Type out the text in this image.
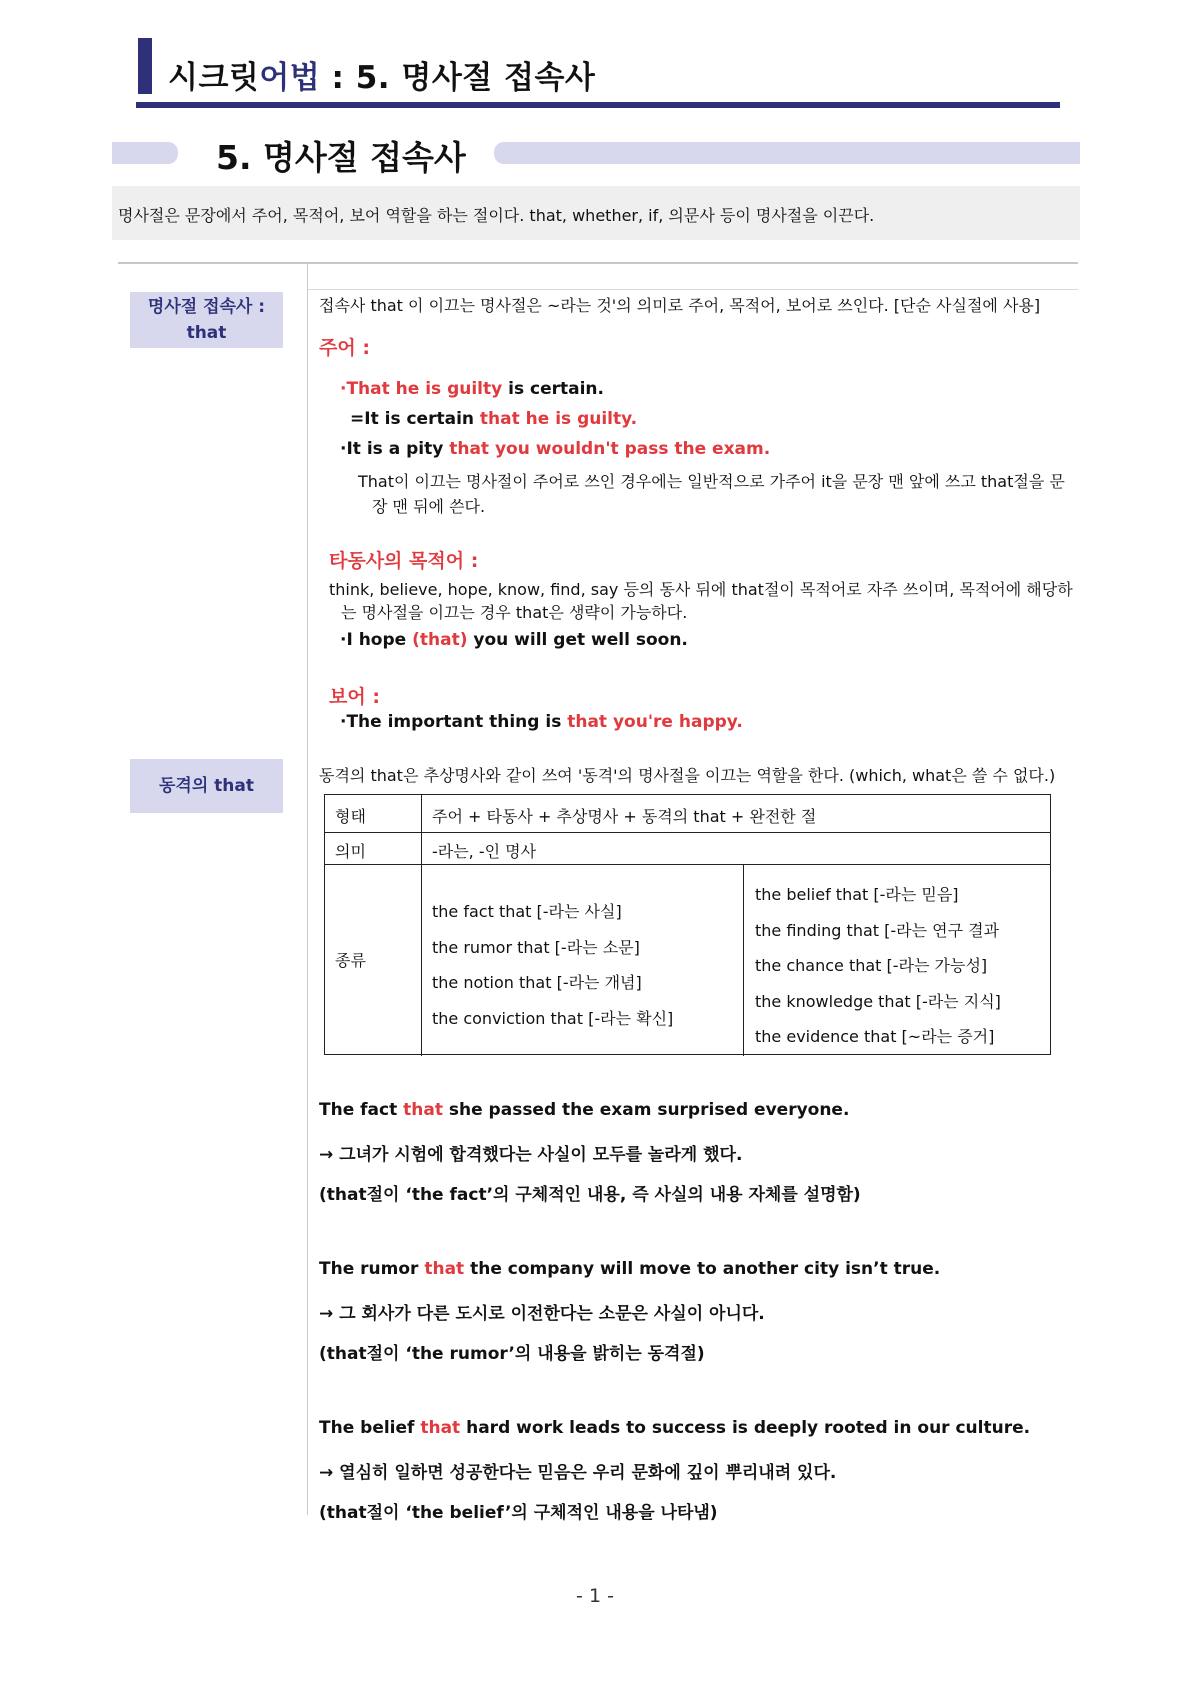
시크릿어법 : 5. 명사절 접속사
5. 명사절 접속사
명사절은 문장에서 주어, 목적어, 보어 역할을 하는 절이다. that, whether, if, 의문사 등이 명사절을 이끈다.
명사절 접속사 :
that
동격의 that
접속사 that 이 이끄는 명사절은 ~라는 것'의 의미로 주어, 목적어, 보어로 쓰인다. [단순 사실절에 사용]
주어 :
·That he is guilty is certain.
=It is certain that he is guilty.
·It is a pity that you wouldn't pass the exam.
That이 이끄는 명사절이 주어로 쓰인 경우에는 일반적으로 가주어 it을 문장 맨 앞에 쓰고 that절을 문
장 맨 뒤에 쓴다.
타동사의 목적어 :
think, believe, hope, know, find, say 등의 동사 뒤에 that절이 목적어로 자주 쓰이며, 목적어에 해당하
는 명사절을 이끄는 경우 that은 생략이 가능하다.
·I hope (that) you will get well soon.
보어 :
·The important thing is that you're happy.
동격의 that은 추상명사와 같이 쓰여 '동격'의 명사절을 이끄는 역할을 한다. (which, what은 쓸 수 없다.)
형태	주어 + 타동사 + 추상명사 + 동격의 that + 완전한 절
의미	-라는, -인 명사
종류
the fact that [-라는 사실]
the rumor that [-라는 소문]
the notion that [-라는 개념]
the conviction that [-라는 확신]
the belief that [-라는 믿음]
the finding that [-라는 연구 결과
the chance that [-라는 가능성]
the knowledge that [-라는 지식]
the evidence that [~라는 증거]
The fact that she passed the exam surprised everyone.
→ 그녀가 시험에 합격했다는 사실이 모두를 놀라게 했다.
(that절이 ‘the fact’의 구체적인 내용, 즉 사실의 내용 자체를 설명함)
The rumor that the company will move to another city isn’t true.
→ 그 회사가 다른 도시로 이전한다는 소문은 사실이 아니다.
(that절이 ‘the rumor’의 내용을 밝히는 동격절)
The belief that hard work leads to success is deeply rooted in our culture.
→ 열심히 일하면 성공한다는 믿음은 우리 문화에 깊이 뿌리내려 있다.
(that절이 ‘the belief’의 구체적인 내용을 나타냄)
- 1 -
